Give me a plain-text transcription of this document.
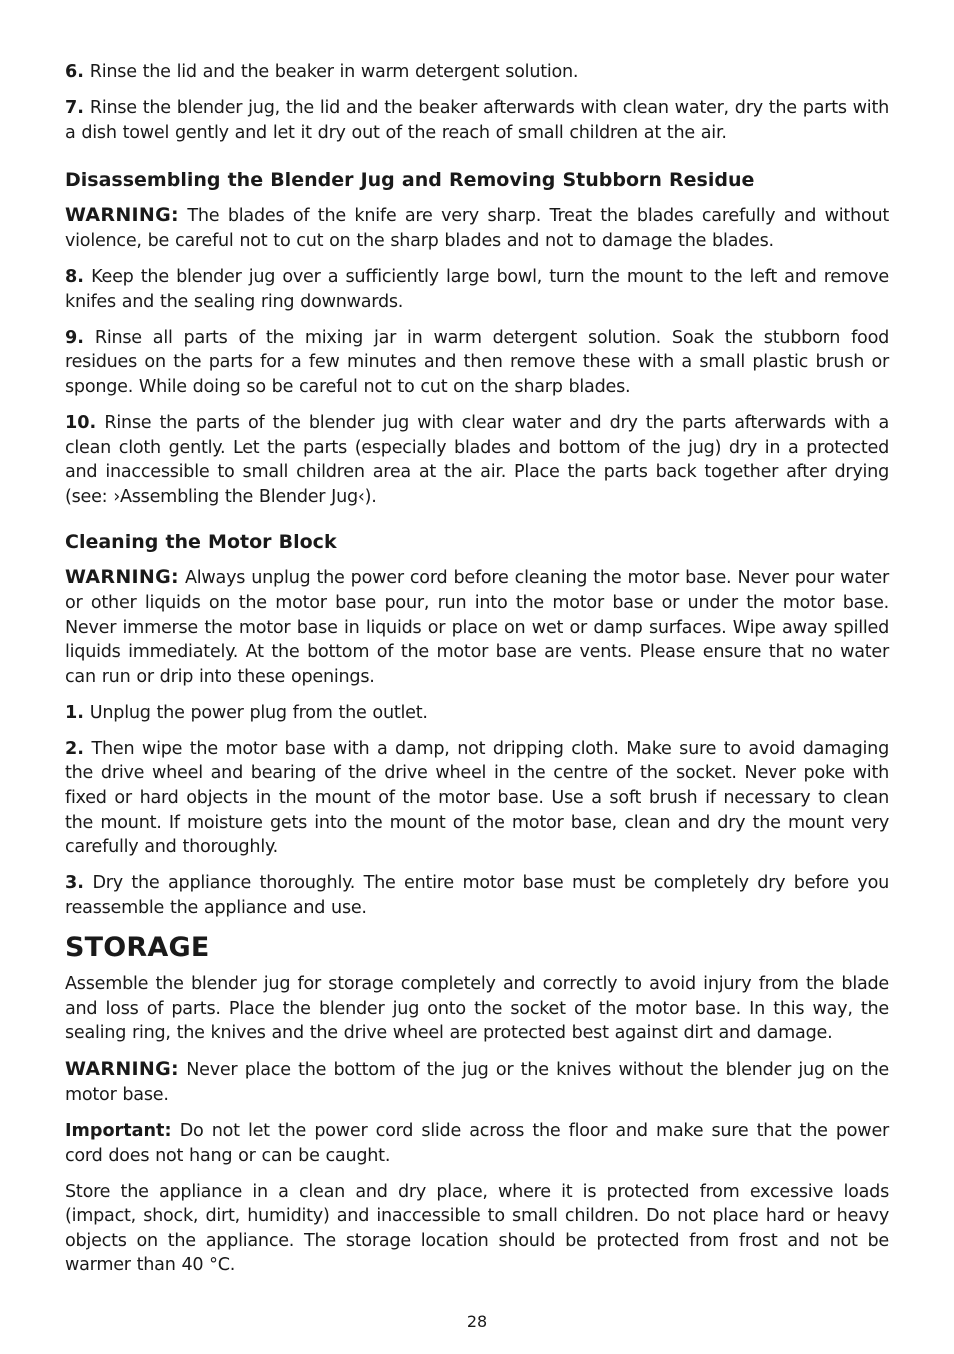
6. Rinse the lid and the beaker in warm detergent solution.

7. Rinse the blender jug, the lid and the beaker afterwards with clean water, dry the parts with a dish towel gently and let it dry out of the reach of small children at the air.

Disassembling the Blender Jug and Removing Stubborn Residue

WARNING: The blades of the knife are very sharp. Treat the blades carefully and without violence, be careful not to cut on the sharp blades and not to damage the blades.

8. Keep the blender jug over a sufficiently large bowl, turn the mount to the left and remove knifes and the sealing ring downwards.

9. Rinse all parts of the mixing jar in warm detergent solution. Soak the stubborn food residues on the parts for a few minutes and then remove these with a small plastic brush or sponge. While doing so be careful not to cut on the sharp blades.

10. Rinse the parts of the blender jug with clear water and dry the parts afterwards with a clean cloth gently. Let the parts (especially blades and bottom of the jug) dry in a protected and inaccessible to small children area at the air. Place the parts back together after drying (see: ›Assembling the Blender Jug‹).

Cleaning the Motor Block

WARNING: Always unplug the power cord before cleaning the motor base. Never pour water or other liquids on the motor base pour, run into the motor base or under the motor base. Never immerse the motor base in liquids or place on wet or damp surfaces. Wipe away spilled liquids immediately. At the bottom of the motor base are vents. Please ensure that no water can run or drip into these openings.

1. Unplug the power plug from the outlet.

2. Then wipe the motor base with a damp, not dripping cloth. Make sure to avoid damaging the drive wheel and bearing of the drive wheel in the centre of the socket. Never poke with fixed or hard objects in the mount of the motor base. Use a soft brush if necessary to clean the mount. If moisture gets into the mount of the motor base, clean and dry the mount very carefully and thoroughly.

3. Dry the appliance thoroughly. The entire motor base must be completely dry before you reassemble the appliance and use.

STORAGE

Assemble the blender jug for storage completely and correctly to avoid injury from the blade and loss of parts. Place the blender jug onto the socket of the motor base. In this way, the sealing ring, the knives and the drive wheel are protected best against dirt and damage.

WARNING: Never place the bottom of the jug or the knives without the blender jug on the motor base.

Important: Do not let the power cord slide across the floor and make sure that the power cord does not hang or can be caught.

Store the appliance in a clean and dry place, where it is protected from excessive loads (impact, shock, dirt, humidity) and inaccessible to small children. Do not place hard or heavy objects on the appliance. The storage location should be protected from frost and not be warmer than 40 °C.

28
